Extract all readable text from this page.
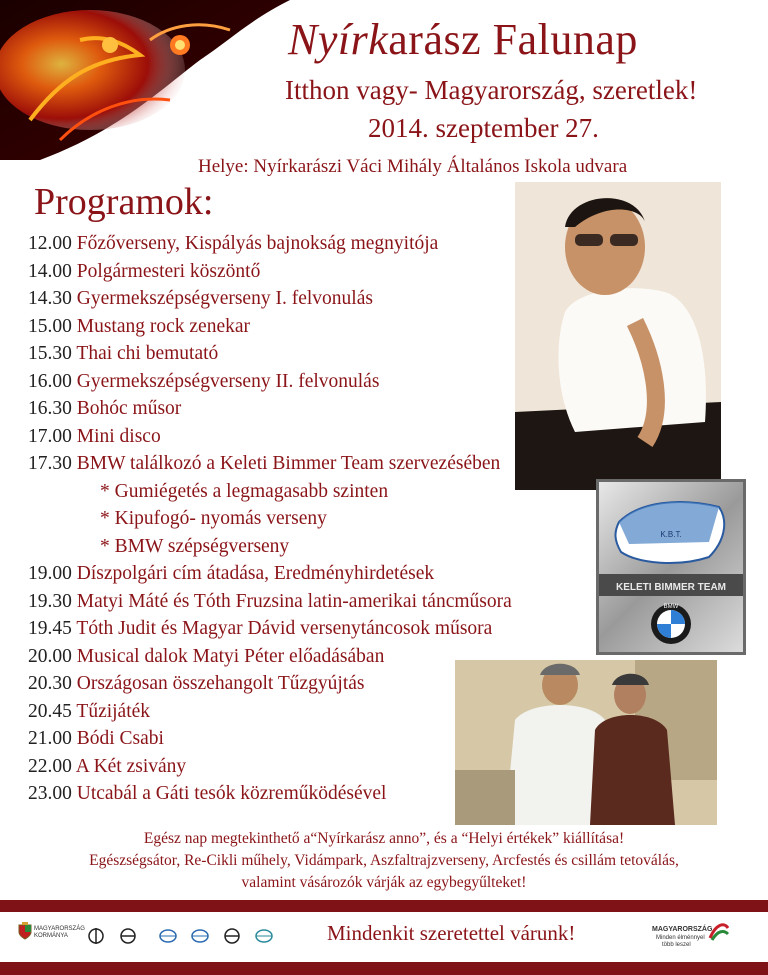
Nyírkarász Falunap
Itthon vagy- Magyarország, szeretlek!
2014. szeptember 27.
Helye: Nyírkarászi Váci Mihály Általános Iskola udvara
Programok:
12.00 Főzőverseny, Kispályás bajnokság megnyitója
14.00 Polgármesteri köszöntő
14.30 Gyermekszépségverseny I. felvonulás
15.00 Mustang rock zenekar
15.30 Thai chi bemutató
16.00 Gyermekszépségverseny II. felvonulás
16.30 Bohóc műsor
17.00 Mini disco
17.30 BMW találkozó a Keleti Bimmer Team szervezésében
* Gumiégetés a legmagasabb szinten
* Kipufogó- nyomás verseny
* BMW szépségverseny
19.00 Díszpolgári cím átadása, Eredményhirdetések
19.30 Matyi Máté és Tóth Fruzsina latin-amerikai táncműsora
19.45 Tóth Judit és Magyar Dávid versenytáncosok műsora
20.00 Musical dalok Matyi Péter előadásában
20.30 Országosan összehangolt Tűzgyújtás
20.45 Tűzijáték
21.00 Bódi Csabi
22.00 A Két zsivány
23.00 Utcabál a Gáti tesók közreműködésével
K.B.T.
KELETI BIMMER TEAM
BMW
Egész nap megtekinthető a“Nyírkarász anno”, és a “Helyi értékek” kiállítása!
Egészségsátor, Re-Cikli műhely, Vidámpark, Aszfaltrajzverseny, Arcfestés és csillám tetoválás,
valamint vásározók várják az egybegyűlteket!
MAGYARORSZÁG
KORMÁNYA	Mindenkit szeretettel várunk!	MAGYARORSZÁG
Minden élménnyel
több leszel
